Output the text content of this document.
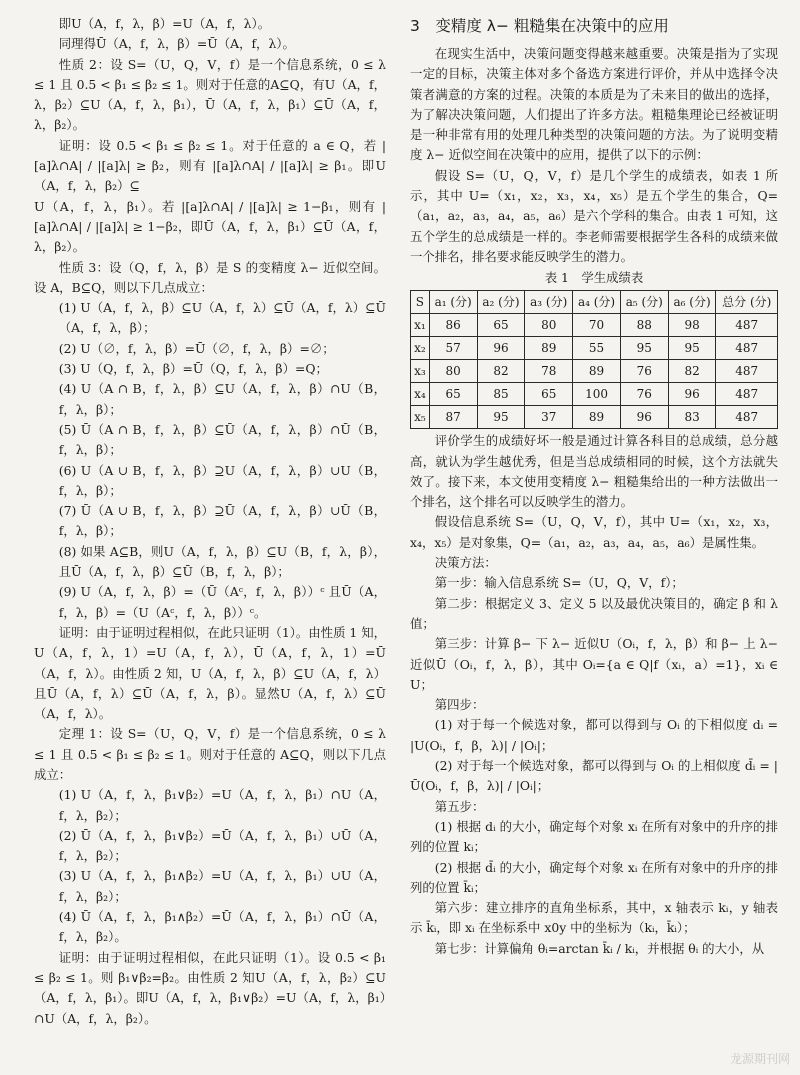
即U（A，f，λ，β）=U（A，f，λ）。

同理得Ū（A，f，λ，β）=Ū（A，f，λ）。

性质 2：设 S=（U，Q，V，f）是一个信息系统，0 ≤ λ ≤ 1 且 0.5 < β₁ ≤ β₂ ≤ 1。则对于任意的A⊆Q，有U（A，f，λ，β₂）⊆U（A，f，λ，β₁），Ū（A，f，λ，β₁）⊆Ū（A，f，λ，β₂）。

证明：设 0.5 < β₁ ≤ β₂ ≤ 1。对于任意的 a ∈ Q，若 |[a]λ∩A| / |[a]λ| ≥ β₂，则有 |[a]λ∩A| / |[a]λ| ≥ β₁。即U（A，f，λ，β₂）⊆

U（A，f，λ，β₁）。若 |[a]λ∩A| / |[a]λ| ≥ 1−β₁，则有 |[a]λ∩A| / |[a]λ| ≥ 1−β₂，即Ū（A，f，λ，β₁）⊆Ū（A，f，λ，β₂）。

性质 3：设（Q，f，λ，β）是 S 的变精度 λ− 近似空间。设 A，B⊆Q，则以下几点成立：

(1) U（A，f，λ，β）⊆U（A，f，λ）⊆Ū（A，f，λ）⊆Ū（A，f，λ，β）；

(2) U（∅，f，λ，β）=Ū（∅，f，λ，β）=∅；

(3) U（Q，f，λ，β）=Ū（Q，f，λ，β）=Q；

(4) U（A ∩ B，f，λ，β）⊆U（A，f，λ，β）∩U（B，f，λ，β）；

(5) Ū（A ∩ B，f，λ，β）⊆Ū（A，f，λ，β）∩Ū（B，f，λ，β）；

(6) U（A ∪ B，f，λ，β）⊇U（A，f，λ，β）∪U（B，f，λ，β）；

(7) Ū（A ∪ B，f，λ，β）⊇Ū（A，f，λ，β）∪Ū（B，f，λ，β）；

(8) 如果 A⊆B，则U（A，f，λ，β）⊆U（B，f，λ，β），且Ū（A，f，λ，β）⊆Ū（B，f，λ，β）；

(9) U（A，f，λ，β）=（Ū（Aᶜ，f，λ，β））ᶜ 且Ū（A，f，λ，β）=（U（Aᶜ，f，λ，β））ᶜ。

证明：由于证明过程相似，在此只证明（1）。由性质 1 知，U（A，f，λ，1）=U（A，f，λ），Ū（A，f，λ，1）=Ū（A，f，λ）。由性质 2 知，U（A，f，λ，β）⊆U（A，f，λ）且Ū（A，f，λ）⊆Ū（A，f，λ，β）。显然U（A，f，λ）⊆Ū（A，f，λ）。

定理 1：设 S=（U，Q，V，f）是一个信息系统，0 ≤ λ ≤ 1 且 0.5 < β₁ ≤ β₂ ≤ 1。则对于任意的 A⊆Q，则以下几点成立：

(1) U（A，f，λ，β₁∨β₂）=U（A，f，λ，β₁）∩U（A，f，λ，β₂）；

(2) Ū（A，f，λ，β₁∨β₂）=Ū（A，f，λ，β₁）∪Ū（A，f，λ，β₂）；

(3) U（A，f，λ，β₁∧β₂）=U（A，f，λ，β₁）∪U（A，f，λ，β₂）；

(4) Ū（A，f，λ，β₁∧β₂）=Ū（A，f，λ，β₁）∩Ū（A，f，λ，β₂）。

证明：由于证明过程相似，在此只证明（1）。设 0.5 < β₁ ≤ β₂ ≤ 1。则 β₁∨β₂=β₂。由性质 2 知U（A，f，λ，β₂）⊆U（A，f，λ，β₁）。即U（A，f，λ，β₁∨β₂）=U（A，f，λ，β₁）∩U（A，f，λ，β₂）。

3　变精度 λ− 粗糙集在决策中的应用

在现实生活中，决策问题变得越来越重要。决策是指为了实现一定的目标，决策主体对多个备选方案进行评价，并从中选择令决策者满意的方案的过程。决策的本质是为了未来目的做出的选择，为了解决决策问题，人们提出了许多方法。粗糙集理论已经被证明是一种非常有用的处理几种类型的决策问题的方法。为了说明变精度 λ− 近似空间在决策中的应用，提供了以下的示例：

假设 S=（U，Q，V，f）是几个学生的成绩表，如表 1 所示，其中 U=（x₁，x₂，x₃，x₄，x₅）是五个学生的集合，Q=（a₁，a₂，a₃，a₄，a₅，a₆）是六个学科的集合。由表 1 可知，这五个学生的总成绩是一样的。李老师需要根据学生各科的成绩来做一个排名，排名要求能反映学生的潜力。

表 1　学生成绩表
S	a₁ (分)	a₂ (分)	a₃ (分)	a₄ (分)	a₅ (分)	a₆ (分)	总分 (分)
x₁	86	65	80	70	88	98	487
x₂	57	96	89	55	95	95	487
x₃	80	82	78	89	76	82	487
x₄	65	85	65	100	76	96	487
x₅	87	95	37	89	96	83	487

评价学生的成绩好坏一般是通过计算各科目的总成绩，总分越高，就认为学生越优秀，但是当总成绩相同的时候，这个方法就失效了。接下来，本文使用变精度 λ− 粗糙集给出的一种方法做出一个排名，这个排名可以反映学生的潜力。

假设信息系统 S=（U，Q，V，f），其中 U=（x₁，x₂，x₃，x₄，x₅）是对象集，Q=（a₁，a₂，a₃，a₄，a₅，a₆）是属性集。

决策方法：

第一步：输入信息系统 S=（U，Q，V，f）；

第二步：根据定义 3、定义 5 以及最优决策目的，确定 β 和 λ 值；

第三步：计算 β− 下 λ− 近似U（Oᵢ，f，λ，β）和 β− 上 λ− 近似Ū（Oᵢ，f，λ，β），其中 Oᵢ={a ∈ Q|f（xᵢ，a）=1}，xᵢ ∈ U；

第四步：

(1) 对于每一个候选对象，都可以得到与 Oᵢ 的下相似度 dᵢ = |U(Oᵢ，f，β，λ)| / |Oᵢ|；

(2) 对于每一个候选对象，都可以得到与 Oᵢ 的上相似度 d̄ᵢ = |Ū(Oᵢ，f，β，λ)| / |Oᵢ|；

第五步：

(1) 根据 dᵢ 的大小，确定每个对象 xᵢ 在所有对象中的升序的排列的位置 kᵢ；

(2) 根据 d̄ᵢ 的大小，确定每个对象 xᵢ 在所有对象中的升序的排列的位置 k̄ᵢ；

第六步：建立排序的直角坐标系，其中，x 轴表示 kᵢ，y 轴表示 k̄ᵢ，即 xᵢ 在坐标系中 x0y 中的坐标为（kᵢ，k̄ᵢ）；

第七步：计算偏角 θᵢ=arctan k̄ᵢ / kᵢ，并根据 θᵢ 的大小，从

龙源期刊网
